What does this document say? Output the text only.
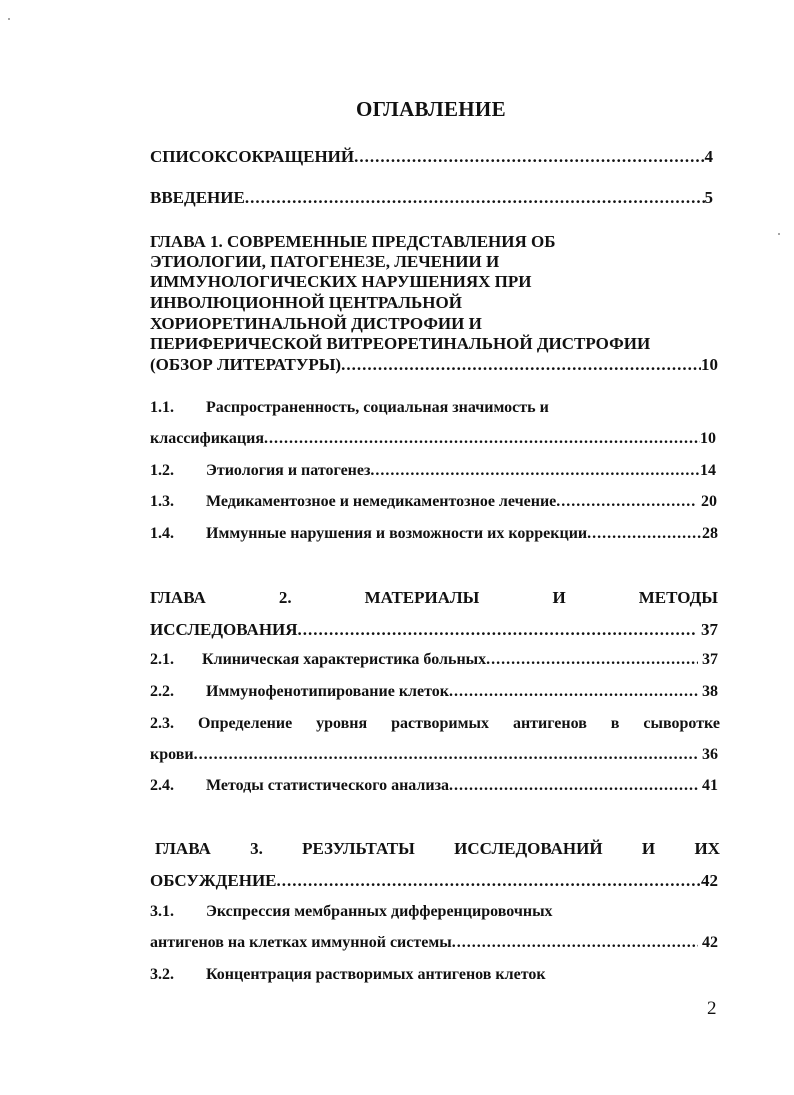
ОГЛАВЛЕНИЕ
СПИСОКСОКРАЩЕНИЙ .....	4
ВВЕДЕНИЕ .....	5
ГЛАВА 1. СОВРЕМЕННЫЕ ПРЕДСТАВЛЕНИЯ ОБ
ЭТИОЛОГИИ, ПАТОГЕНЕЗЕ, ЛЕЧЕНИИ И
ИММУНОЛОГИЧЕСКИХ НАРУШЕНИЯХ ПРИ
ИНВОЛЮЦИОННОЙ ЦЕНТРАЛЬНОЙ
ХОРИОРЕТИНАЛЬНОЙ ДИСТРОФИИ И
ПЕРИФЕРИЧЕСКОЙ ВИТРЕОРЕТИНАЛЬНОЙ ДИСТРОФИИ
(ОБЗОР ЛИТЕРАТУРЫ) .....	10
1.1. Распространенность, социальная значимость и
классификация .....	10
1.2. Этиология и патогенез .....	14
1.3. Медикаментозное и немедикаментозное лечение .....	20
1.4. Иммунные нарушения и возможности их коррекции .....	28
ГЛАВА	2.	МАТЕРИАЛЫ	И	МЕТОДЫ
ИССЛЕДОВАНИЯ .....	37
2.1. Клиническая характеристика больных .....	37
2.2. Иммунофенотипирование клеток .....	38
2.3. Определение уровня растворимых антигенов в сыворотке
крови .....	36
2.4. Методы статистического анализа .....	41
ГЛАВА 3. РЕЗУЛЬТАТЫ ИССЛЕДОВАНИЙ И ИХ
ОБСУЖДЕНИЕ .....	42
3.1. Экспрессия мембранных дифференцировочных
антигенов на клетках иммунной системы .....	42
3.2. Концентрация растворимых антигенов клеток
2
